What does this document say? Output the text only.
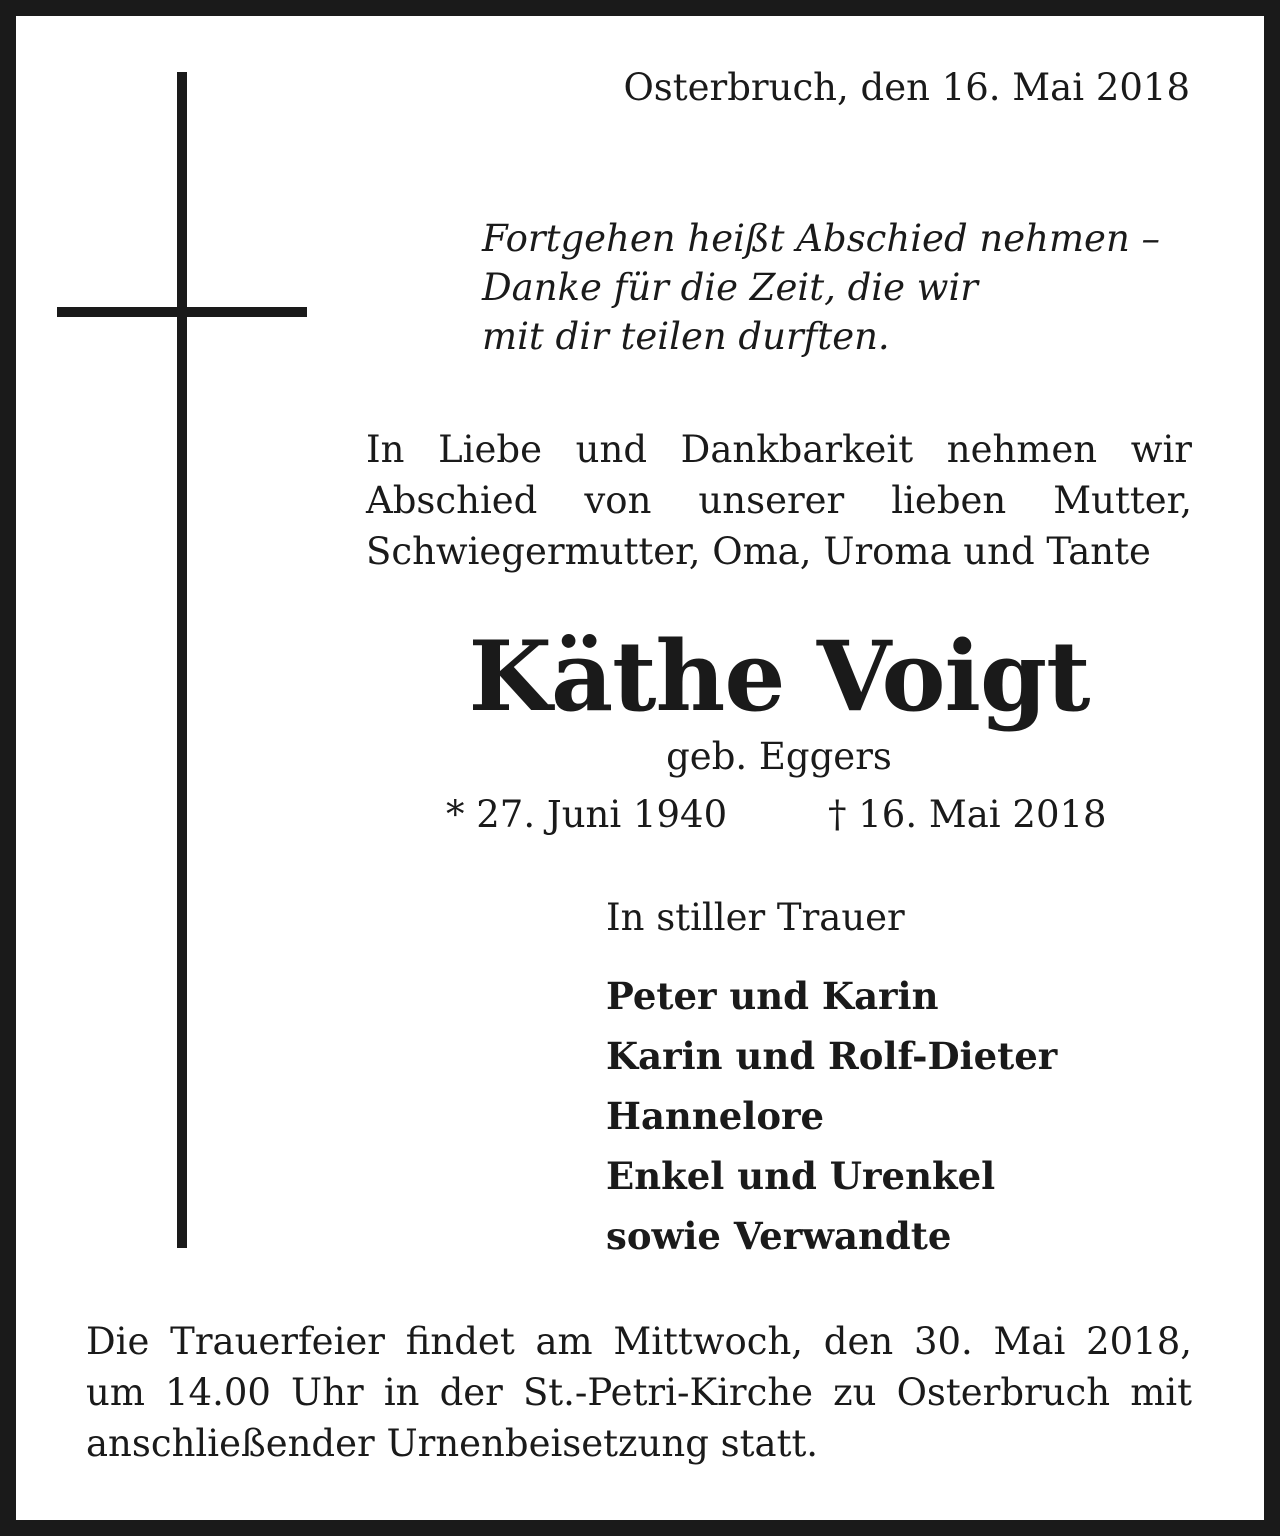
Osterbruch, den 16. Mai 2018
Fortgehen heißt Abschied nehmen –
Danke für die Zeit, die wir
mit dir teilen durften.
In Liebe und Dankbarkeit nehmen wir
Abschied von unserer lieben Mutter,
Schwiegermutter, Oma, Uroma und Tante
Käthe Voigt
geb. Eggers
* 27. Juni 1940	† 16. Mai 2018
In stiller Trauer
Peter und Karin
Karin und Rolf-Dieter
Hannelore
Enkel und Urenkel
sowie Verwandte
Die Trauerfeier findet am Mittwoch, den 30. Mai 2018,
um 14.00 Uhr in der St.-Petri-Kirche zu Osterbruch mit
anschließender Urnenbeisetzung statt.
